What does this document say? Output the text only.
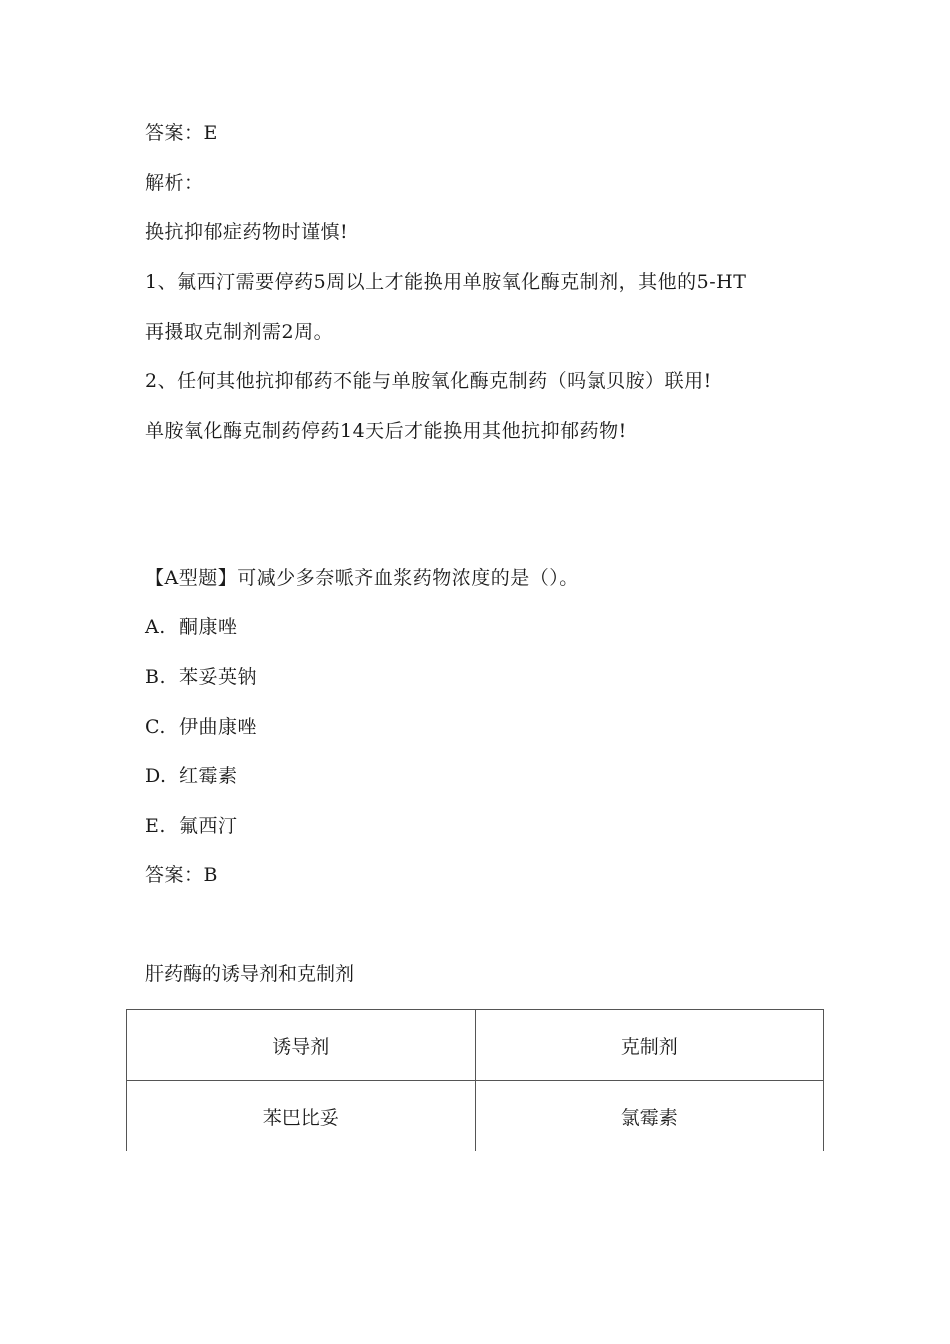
答案：E
解析：
换抗抑郁症药物时谨慎!
1、氟西汀需要停药5周以上才能换用单胺氧化酶克制剂，其他的5-HT
再摄取克制剂需2周。
2、任何其他抗抑郁药不能与单胺氧化酶克制药（吗氯贝胺）联用!
单胺氧化酶克制药停药14天后才能换用其他抗抑郁药物!
【A型题】可减少多奈哌齐血浆药物浓度的是（）。
A. 酮康唑
B. 苯妥英钠
C. 伊曲康唑
D. 红霉素
E. 氟西汀
答案：B
肝药酶的诱导剂和克制剂
诱导剂	克制剂
苯巴比妥	氯霉素
